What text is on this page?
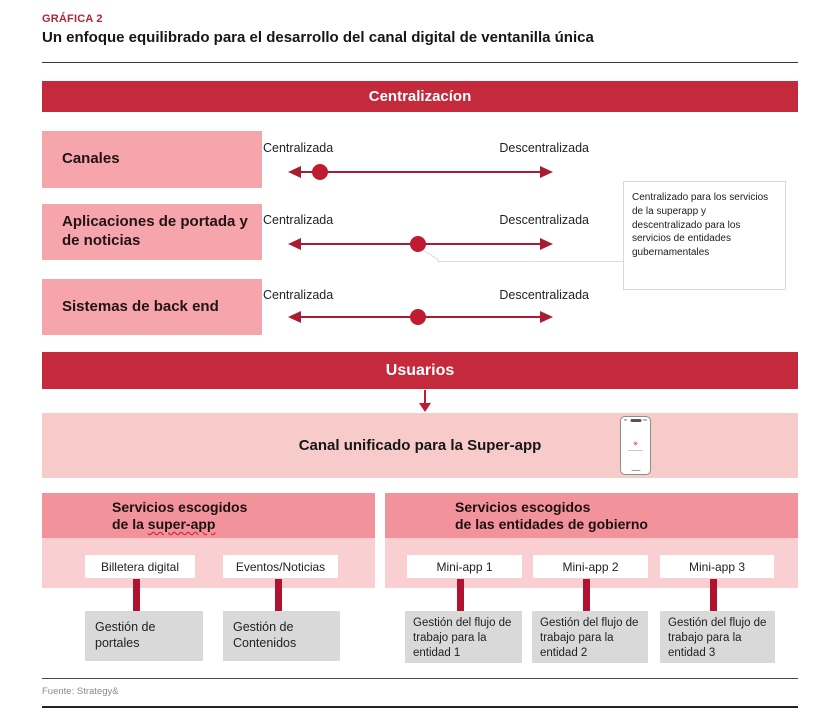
GRÁFICA 2
Un enfoque equilibrado para el desarrollo del canal digital de ventanilla única
Centralizacíon
Canales
Centralizada	Descentralizada
Aplicaciones de portada y de noticias
Centralizada	Descentralizada
Sistemas de back end
Centralizada	Descentralizada
Centralizado para los servicios de la superapp y descentralizado para los servicios de entidades gubernamentales
Usuarios
Canal unificado para la Super-app	✳
Servicios escogidos
de la super-app
Billetera digital	Eventos/Noticias
Servicios escogidos
de las entidades de gobierno
Mini-app 1	Mini-app 2	Mini-app 3
Gestión de portales
Gestión de Contenidos
Gestión del flujo de trabajo para la entidad 1
Gestión del flujo de trabajo para la entidad 2
Gestión del flujo de trabajo para la entidad 3
Fuente: Strategy&
